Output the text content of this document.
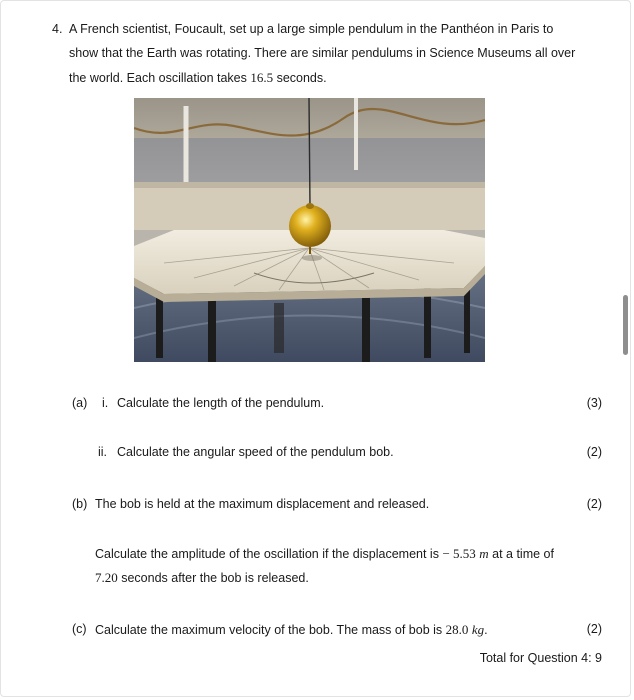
4. A French scientist, Foucault, set up a large simple pendulum in the Panthéon in Paris to
show that the Earth was rotating. There are similar pendulums in Science Museums all over
the world. Each oscillation takes 16.5 seconds.
(a) i. Calculate the length of the pendulum.	(3)
ii. Calculate the angular speed of the pendulum bob.	(2)
(b) The bob is held at the maximum displacement and released.	(2)
Calculate the amplitude of the oscillation if the displacement is − 5.53 m at a time of
7.20 seconds after the bob is released.
(c) Calculate the maximum velocity of the bob. The mass of bob is 28.0 kg.	(2)
Total for Question 4: 9
